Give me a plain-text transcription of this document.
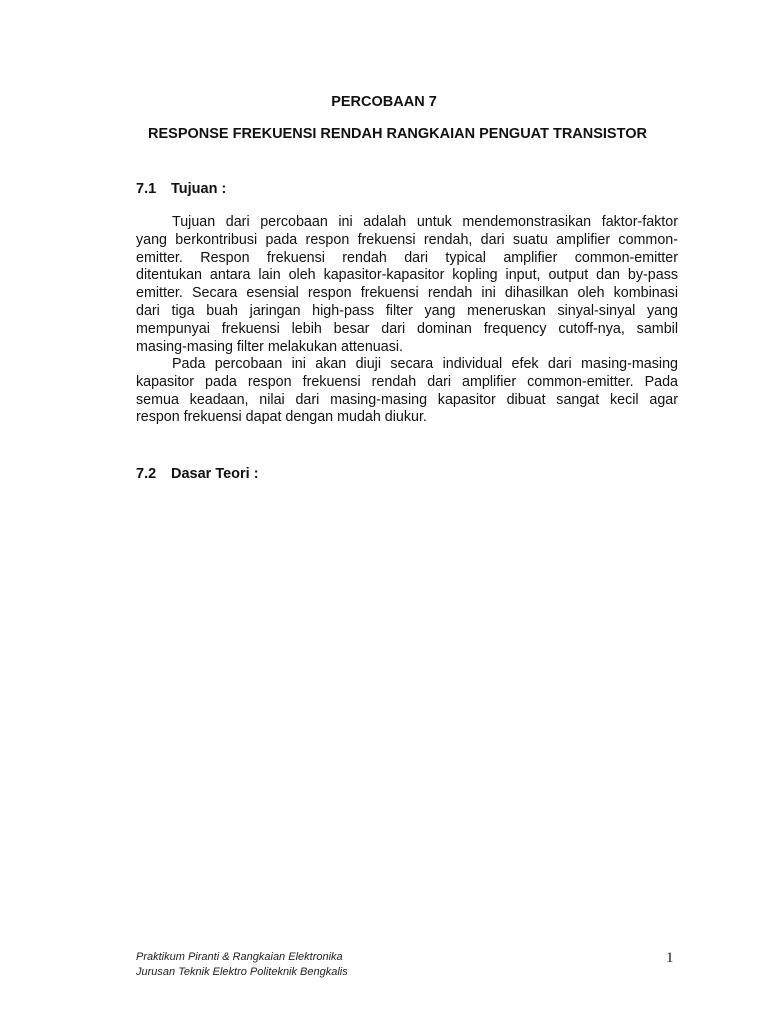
PERCOBAAN 7
RESPONSE FREKUENSI RENDAH RANGKAIAN PENGUAT TRANSISTOR
7.1 Tujuan :
Tujuan dari percobaan ini adalah untuk mendemonstrasikan faktor-faktor
yang berkontribusi pada respon frekuensi rendah, dari suatu amplifier common-
emitter. Respon frekuensi rendah dari typical amplifier common-emitter
ditentukan antara lain oleh kapasitor-kapasitor kopling input, output dan by-pass
emitter. Secara esensial respon frekuensi rendah ini dihasilkan oleh kombinasi
dari tiga buah jaringan high-pass filter yang meneruskan sinyal-sinyal yang
mempunyai frekuensi lebih besar dari dominan frequency cutoff-nya, sambil
masing-masing filter melakukan attenuasi.
Pada percobaan ini akan diuji secara individual efek dari masing-masing
kapasitor pada respon frekuensi rendah dari amplifier common-emitter. Pada
semua keadaan, nilai dari masing-masing kapasitor dibuat sangat kecil agar
respon frekuensi dapat dengan mudah diukur.
7.2 Dasar Teori :
Praktikum Piranti & Rangkaian Elektronika
Jurusan Teknik Elektro Politeknik Bengkalis
1
